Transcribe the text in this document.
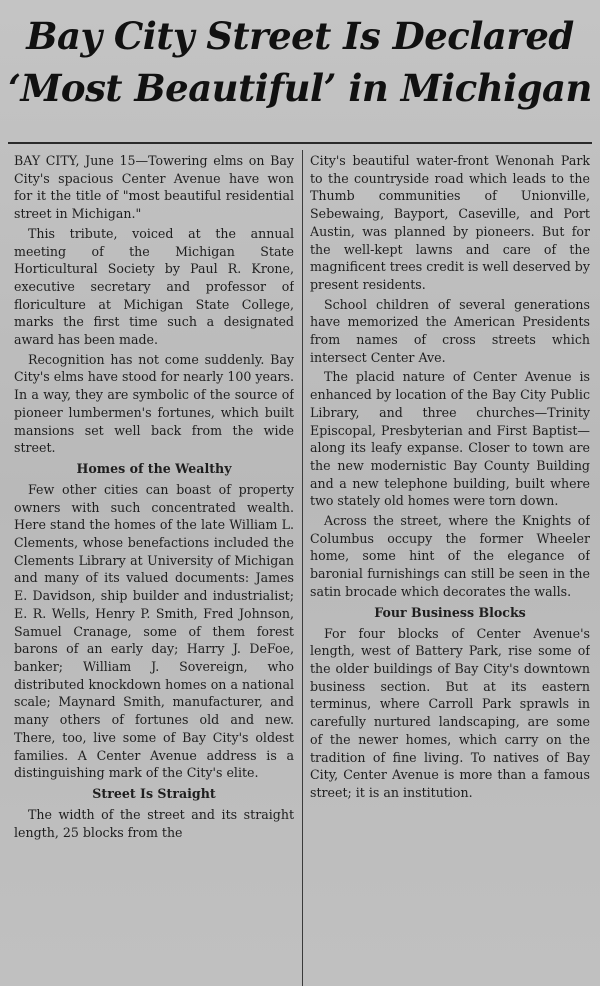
Bay City Street Is Declared
‘Most Beautiful’ in Michigan

BAY CITY, June 15—Towering elms on Bay City's spacious Center Avenue have won for it the title of "most beautiful residential street in Michigan."

This tribute, voiced at the annual meeting of the Michigan State Horticultural Society by Paul R. Krone, executive secretary and professor of floriculture at Michigan State College, marks the first time such a designated award has been made.

Recognition has not come suddenly. Bay City's elms have stood for nearly 100 years. In a way, they are symbolic of the source of pioneer lumbermen's fortunes, which built mansions set well back from the wide street.

Homes of the Wealthy

Few other cities can boast of property owners with such concentrated wealth. Here stand the homes of the late William L. Clements, whose benefactions included the Clements Library at University of Michigan and many of its valued documents: James E. Davidson, ship builder and industrialist; E. R. Wells, Henry P. Smith, Fred Johnson, Samuel Cranage, some of them forest barons of an early day; Harry J. DeFoe, banker; William J. Sovereign, who distributed knockdown homes on a national scale; Maynard Smith, manufacturer, and many others of fortunes old and new. There, too, live some of Bay City's oldest families. A Center Avenue address is a distinguishing mark of the City's elite.

Street Is Straight

The width of the street and its straight length, 25 blocks from the

City's beautiful water-front Wenonah Park to the countryside road which leads to the Thumb communities of Unionville, Sebewaing, Bayport, Caseville, and Port Austin, was planned by pioneers. But for the well-kept lawns and care of the magnificent trees credit is well deserved by present residents.

School children of several generations have memorized the American Presidents from names of cross streets which intersect Center Ave.

The placid nature of Center Avenue is enhanced by location of the Bay City Public Library, and three churches—Trinity Episcopal, Presbyterian and First Baptist—along its leafy expanse. Closer to town are the new modernistic Bay County Building and a new telephone building, built where two stately old homes were torn down.

Across the street, where the Knights of Columbus occupy the former Wheeler home, some hint of the elegance of baronial furnishings can still be seen in the satin brocade which decorates the walls.

Four Business Blocks

For four blocks of Center Avenue's length, west of Battery Park, rise some of the older buildings of Bay City's downtown business section. But at its eastern terminus, where Carroll Park sprawls in carefully nurtured landscaping, are some of the newer homes, which carry on the tradition of fine living. To natives of Bay City, Center Avenue is more than a famous street; it is an institution.
